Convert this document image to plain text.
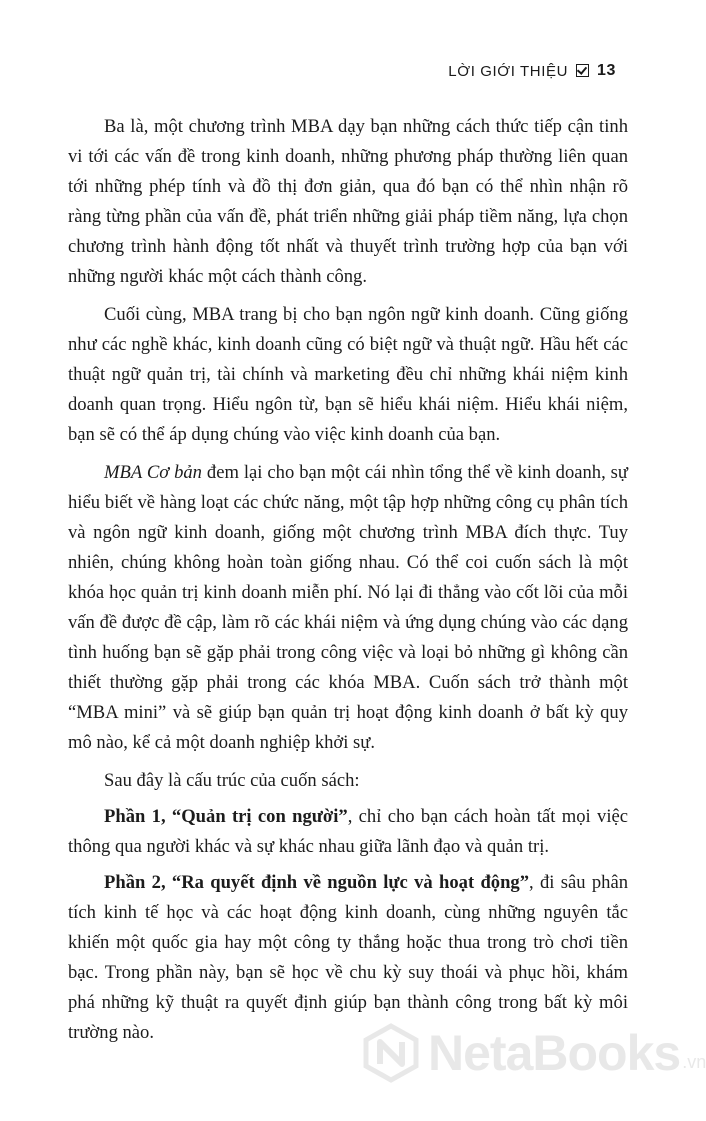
LỜI GIỚI THIỆU 13

Ba là, một chương trình MBA dạy bạn những cách thức tiếp cận tinh vi tới các vấn đề trong kinh doanh, những phương pháp thường liên quan tới những phép tính và đồ thị đơn giản, qua đó bạn có thể nhìn nhận rõ ràng từng phần của vấn đề, phát triển những giải pháp tiềm năng, lựa chọn chương trình hành động tốt nhất và thuyết trình trường hợp của bạn với những người khác một cách thành công.

Cuối cùng, MBA trang bị cho bạn ngôn ngữ kinh doanh. Cũng giống như các nghề khác, kinh doanh cũng có biệt ngữ và thuật ngữ. Hầu hết các thuật ngữ quản trị, tài chính và marketing đều chỉ những khái niệm kinh doanh quan trọng. Hiểu ngôn từ, bạn sẽ hiểu khái niệm. Hiểu khái niệm, bạn sẽ có thể áp dụng chúng vào việc kinh doanh của bạn.

MBA Cơ bản đem lại cho bạn một cái nhìn tổng thể về kinh doanh, sự hiểu biết về hàng loạt các chức năng, một tập hợp những công cụ phân tích và ngôn ngữ kinh doanh, giống một chương trình MBA đích thực. Tuy nhiên, chúng không hoàn toàn giống nhau. Có thể coi cuốn sách là một khóa học quản trị kinh doanh miễn phí. Nó lại đi thẳng vào cốt lõi của mỗi vấn đề được đề cập, làm rõ các khái niệm và ứng dụng chúng vào các dạng tình huống bạn sẽ gặp phải trong công việc và loại bỏ những gì không cần thiết thường gặp phải trong các khóa MBA. Cuốn sách trở thành một “MBA mini” và sẽ giúp bạn quản trị hoạt động kinh doanh ở bất kỳ quy mô nào, kể cả một doanh nghiệp khởi sự.

Sau đây là cấu trúc của cuốn sách:

Phần 1, “Quản trị con người”, chỉ cho bạn cách hoàn tất mọi việc thông qua người khác và sự khác nhau giữa lãnh đạo và quản trị.

Phần 2, “Ra quyết định về nguồn lực và hoạt động”, đi sâu phân tích kinh tế học và các hoạt động kinh doanh, cùng những nguyên tắc khiến một quốc gia hay một công ty thắng hoặc thua trong trò chơi tiền bạc. Trong phần này, bạn sẽ học về chu kỳ suy thoái và phục hồi, khám phá những kỹ thuật ra quyết định giúp bạn thành công trong bất kỳ môi trường nào.	NetaBooks .vn
